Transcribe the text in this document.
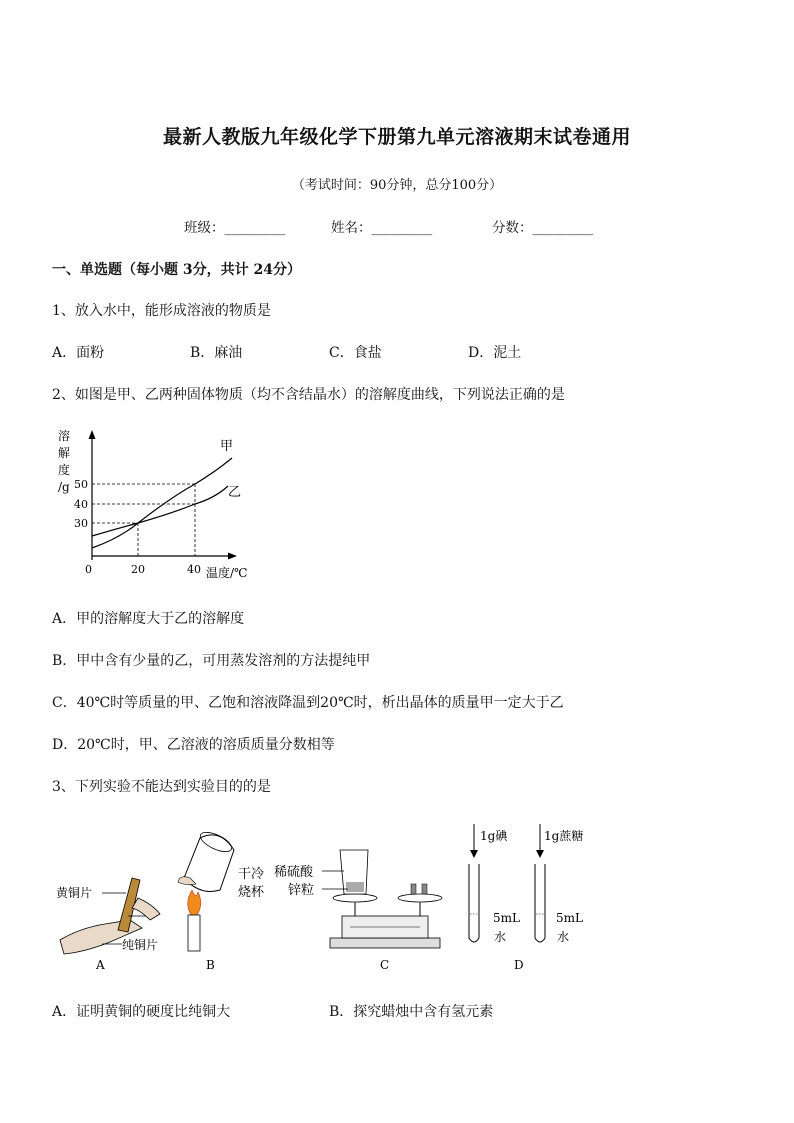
最新人教版九年级化学下册第九单元溶液期末试卷通用
（考试时间：90分钟，总分100分）
班级：_________	姓名：_________	分数：_________
一、单选题（每小题 3分，共计 24分）
1、放入水中，能形成溶液的物质是
A．面粉	B．麻油	C．食盐	D．泥土
2、如图是甲、乙两种固体物质（均不含结晶水）的溶解度曲线，下列说法正确的是
溶
解
度
/g 50
40
30
0	20	40 温度/℃
甲
乙
A．甲的溶解度大于乙的溶解度
B．甲中含有少量的乙，可用蒸发溶剂的方法提纯甲
C．40℃时等质量的甲、乙饱和溶液降温到20℃时，析出晶体的质量甲一定大于乙
D．20℃时，甲、乙溶液的溶质质量分数相等
3、下列实验不能达到实验目的的是
黄铜片
纯铜片
A
干冷
烧杯
B
稀硫酸
锌粒
C
1g碘	1g蔗糖
5mL
水
5mL
水
D
A．证明黄铜的硬度比纯铜大	B．探究蜡烛中含有氢元素
